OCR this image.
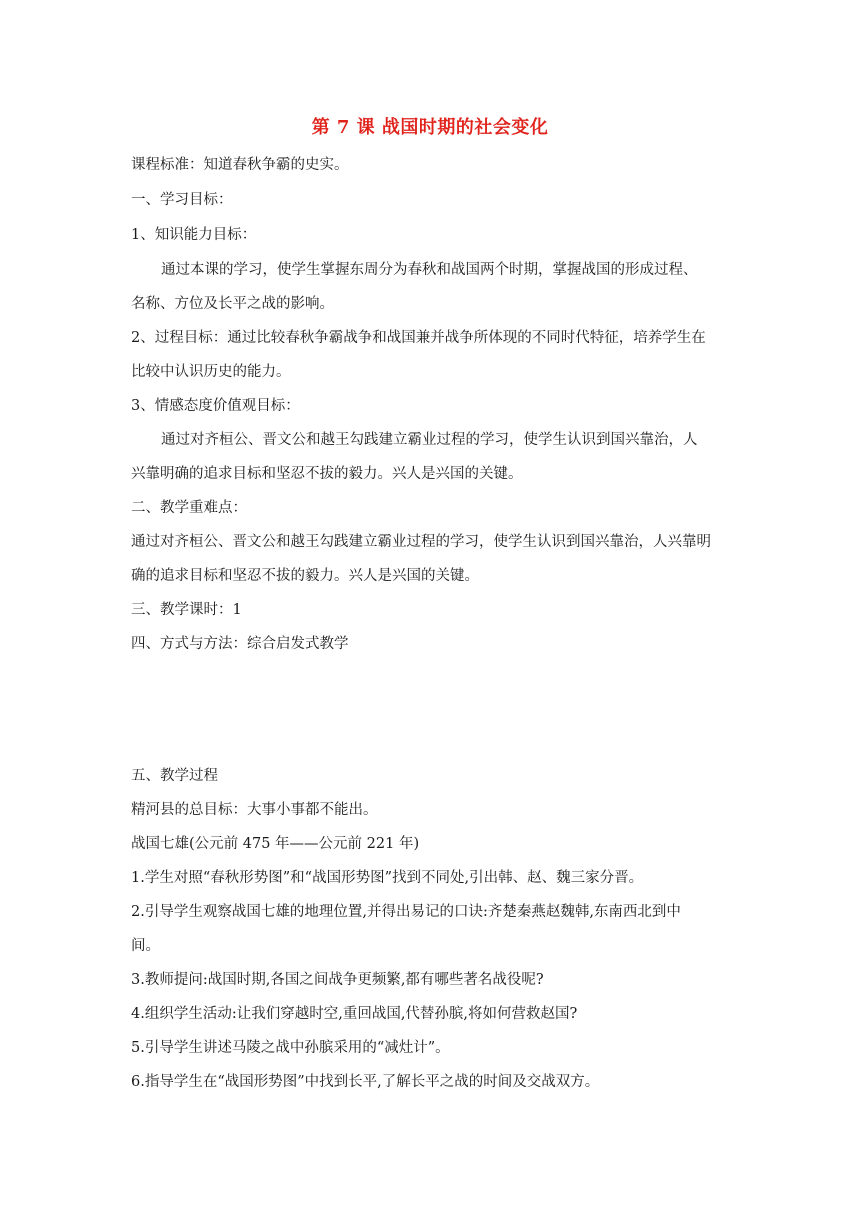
第 7 课 战国时期的社会变化
课程标准：知道春秋争霸的史实。
一、学习目标：
1、知识能力目标：
通过本课的学习，使学生掌握东周分为春秋和战国两个时期，掌握战国的形成过程、
名称、方位及长平之战的影响。
2、过程目标：通过比较春秋争霸战争和战国兼并战争所体现的不同时代特征，培养学生在
比较中认识历史的能力。
3、情感态度价值观目标：
通过对齐桓公、晋文公和越王勾践建立霸业过程的学习，使学生认识到国兴靠治，人
兴靠明确的追求目标和坚忍不拔的毅力。兴人是兴国的关键。
二、教学重难点：
通过对齐桓公、晋文公和越王勾践建立霸业过程的学习，使学生认识到国兴靠治，人兴靠明
确的追求目标和坚忍不拔的毅力。兴人是兴国的关键。
三、教学课时：1
四、方式与方法：综合启发式教学
五、教学过程
精河县的总目标：大事小事都不能出。
战国七雄(公元前 475 年——公元前 221 年)
1.学生对照“春秋形势图”和“战国形势图”找到不同处,引出韩、赵、魏三家分晋。
2.引导学生观察战国七雄的地理位置,并得出易记的口诀:齐楚秦燕赵魏韩,东南西北到中
间。
3.教师提问:战国时期,各国之间战争更频繁,都有哪些著名战役呢?
4.组织学生活动:让我们穿越时空,重回战国,代替孙膑,将如何营救赵国?
5.引导学生讲述马陵之战中孙膑采用的“减灶计”。
6.指导学生在“战国形势图”中找到长平,了解长平之战的时间及交战双方。
